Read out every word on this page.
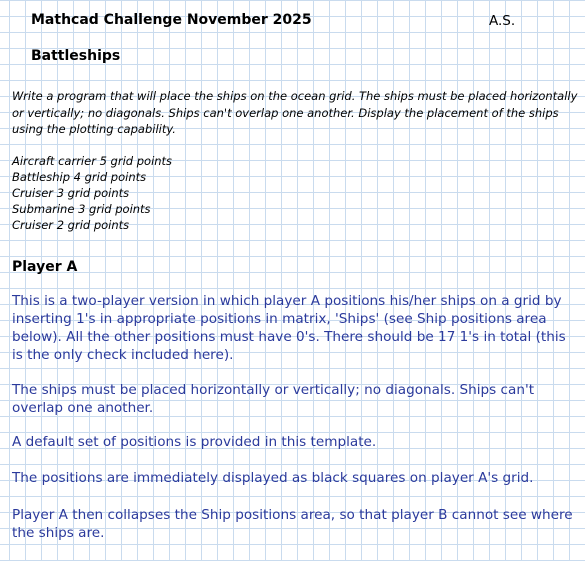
Mathcad Challenge November 2025	A.S.
Battleships
Write a program that will place the ships on the ocean grid. The ships must be placed horizontally or vertically; no diagonals. Ships can't overlap one another. Display the placement of the ships using the plotting capability.
Aircraft carrier 5 grid points
Battleship 4 grid points
Cruiser 3 grid points
Submarine 3 grid points
Cruiser 2 grid points
Player A
This is a two-player version in which player A positions his/her ships on a grid by inserting 1's in appropriate positions in matrix, 'Ships' (see Ship positions area below). All the other positions must have 0's. There should be 17 1's in total (this is the only check included here).
The ships must be placed horizontally or vertically; no diagonals. Ships can't overlap one another.
A default set of positions is provided in this template.
The positions are immediately displayed as black squares on player A's grid.
Player A then collapses the Ship positions area, so that player B cannot see where the ships are.
